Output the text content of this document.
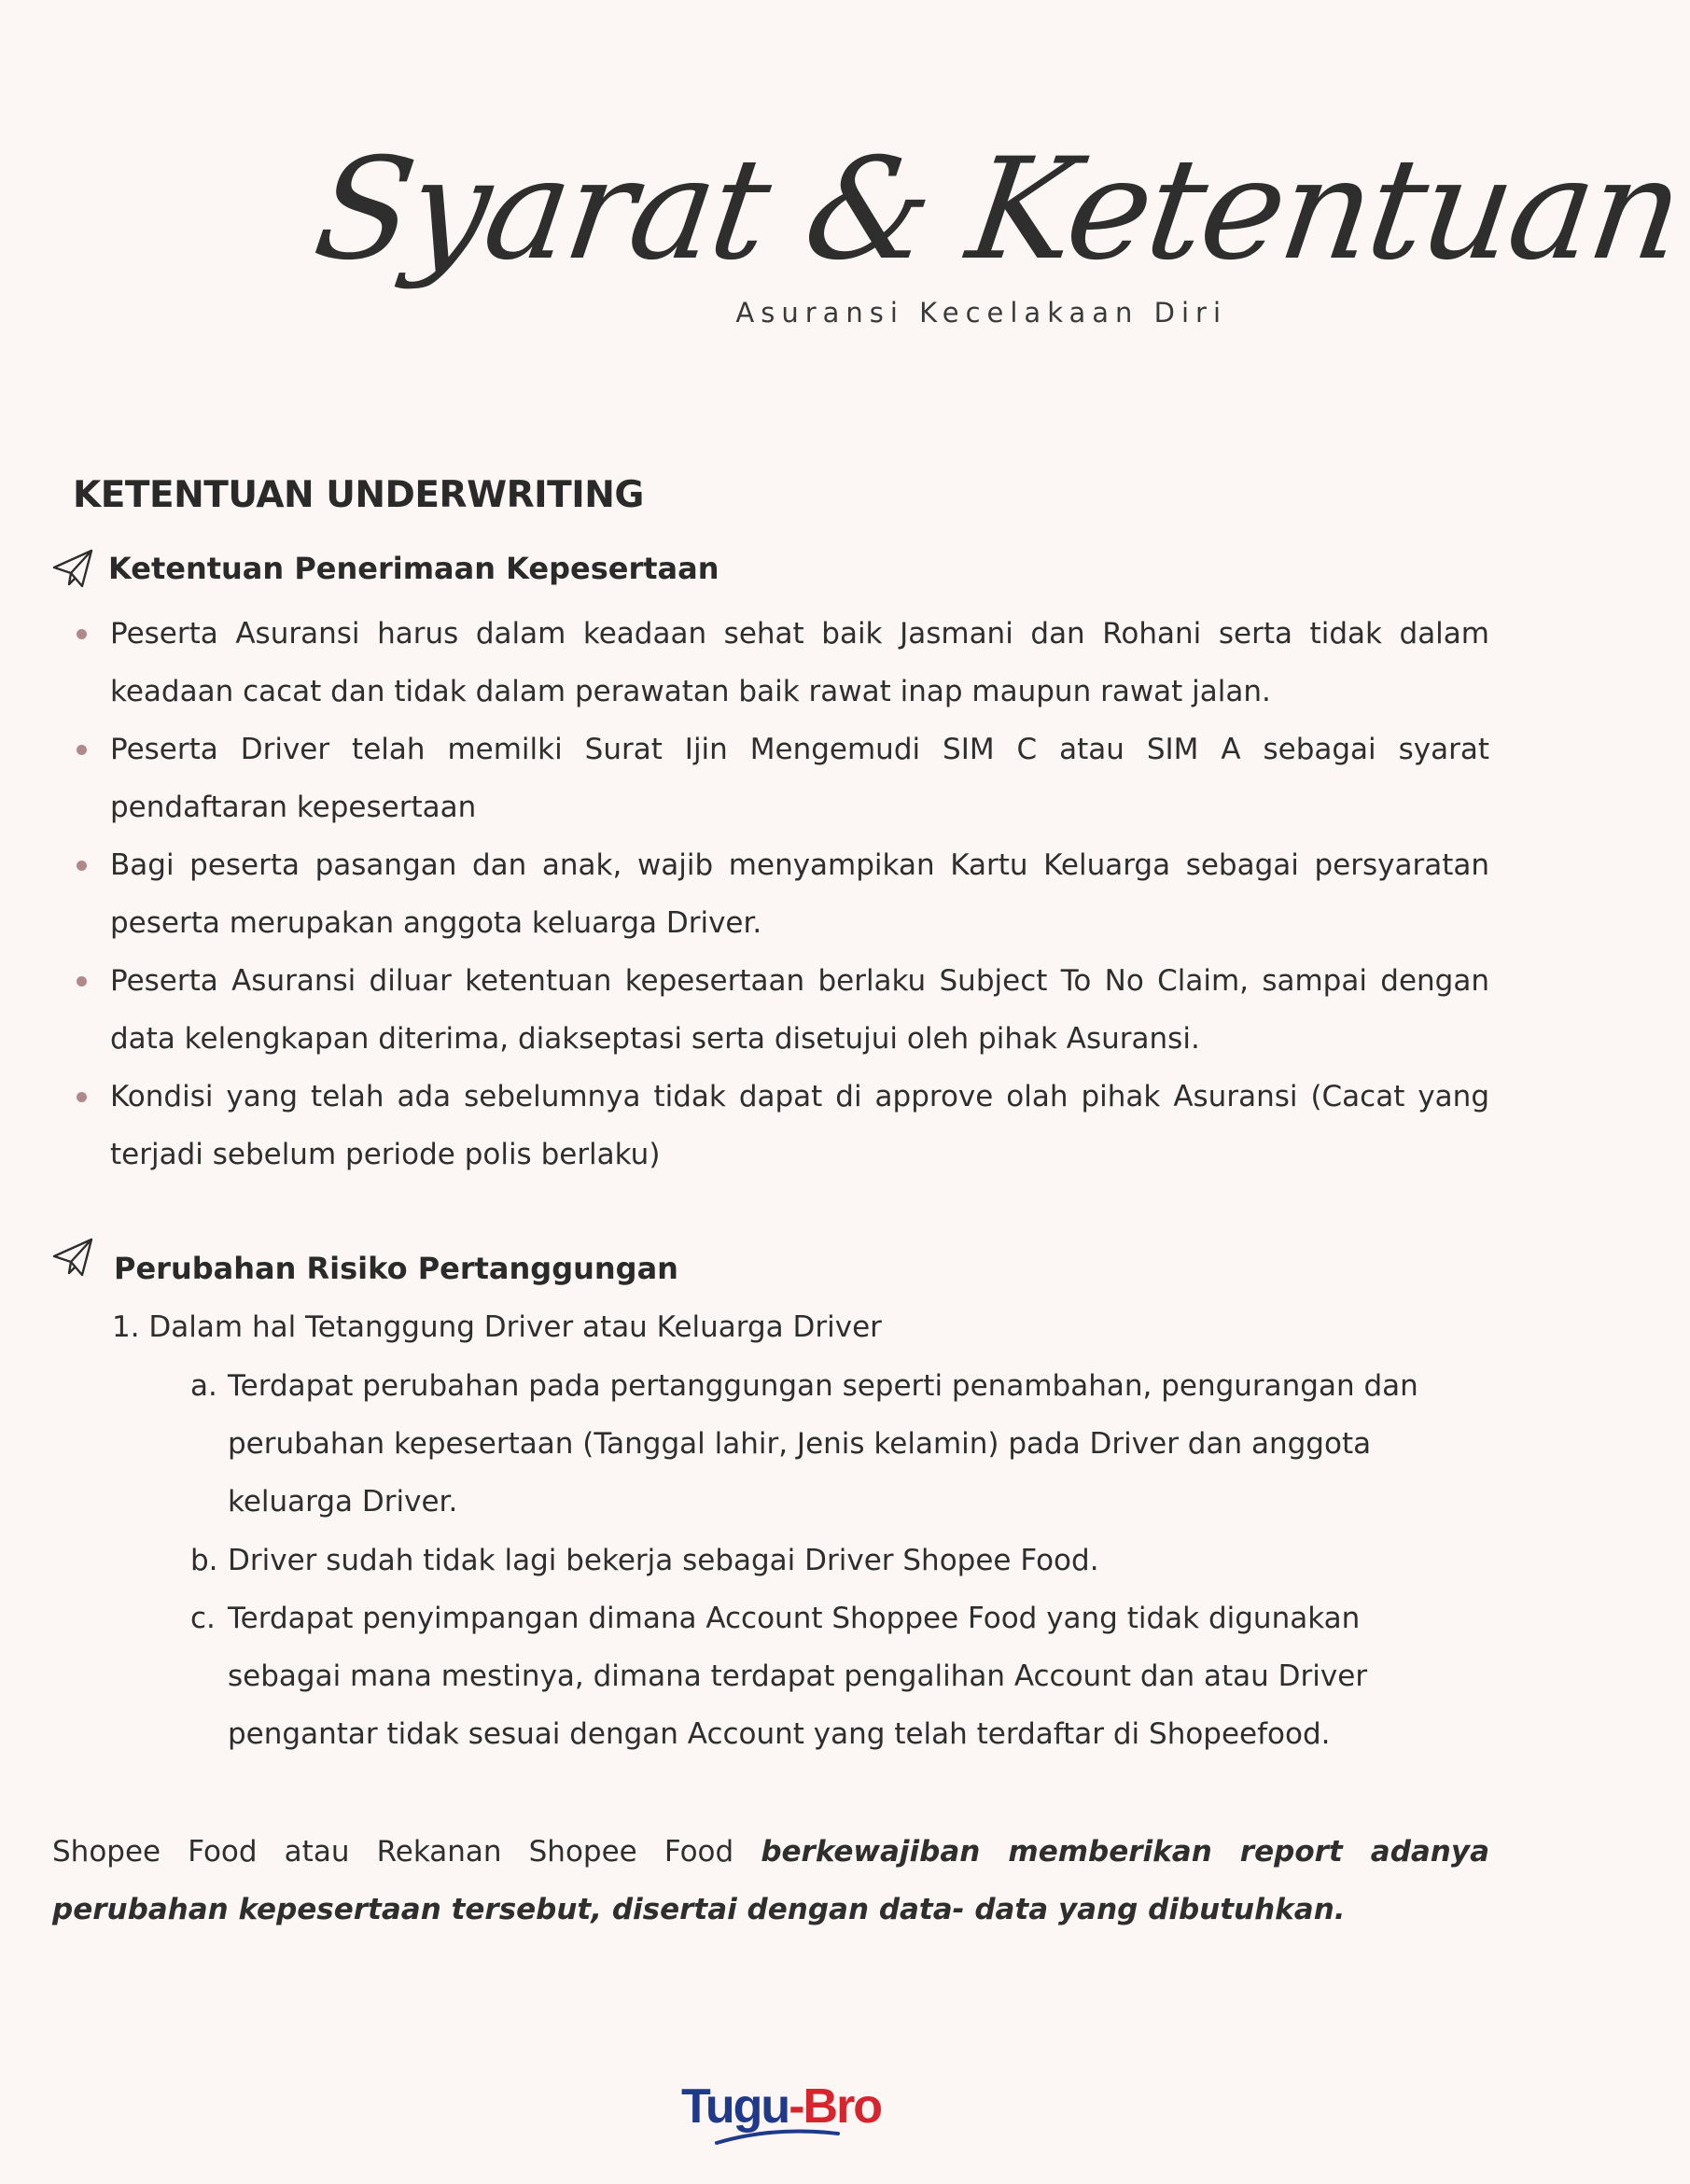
Syarat & Ketentuan
Asuransi Kecelakaan Diri
KETENTUAN UNDERWRITING
Ketentuan Penerimaan Kepesertaan
Peserta Asuransi harus dalam keadaan sehat baik Jasmani dan Rohani serta tidak dalam keadaan cacat dan tidak dalam perawatan baik rawat inap maupun rawat jalan.
Peserta Driver telah memilki Surat Ijin Mengemudi SIM C atau SIM A sebagai syarat pendaftaran kepesertaan
Bagi peserta pasangan dan anak, wajib menyampikan Kartu Keluarga sebagai persyaratan peserta merupakan anggota keluarga Driver.
Peserta Asuransi diluar ketentuan kepesertaan berlaku Subject To No Claim, sampai dengan data kelengkapan diterima, diakseptasi serta disetujui oleh pihak Asuransi.
Kondisi yang telah ada sebelumnya tidak dapat di approve olah pihak Asuransi (Cacat yang terjadi sebelum periode polis berlaku)
Perubahan Risiko Pertanggungan
1. Dalam hal Tetanggung Driver atau Keluarga Driver
a. Terdapat perubahan pada pertanggungan seperti penambahan, pengurangan dan perubahan kepesertaan (Tanggal lahir, Jenis kelamin) pada Driver dan anggota keluarga Driver.
b. Driver sudah tidak lagi bekerja sebagai Driver Shopee Food.
c. Terdapat penyimpangan dimana Account Shoppee Food yang tidak digunakan sebagai mana mestinya, dimana terdapat pengalihan Account dan atau Driver pengantar tidak sesuai dengan Account yang telah terdaftar di Shopeefood.
Shopee Food atau Rekanan Shopee Food berkewajiban memberikan report adanya perubahan kepesertaan tersebut, disertai dengan data- data yang dibutuhkan.
Tugu-Bro
